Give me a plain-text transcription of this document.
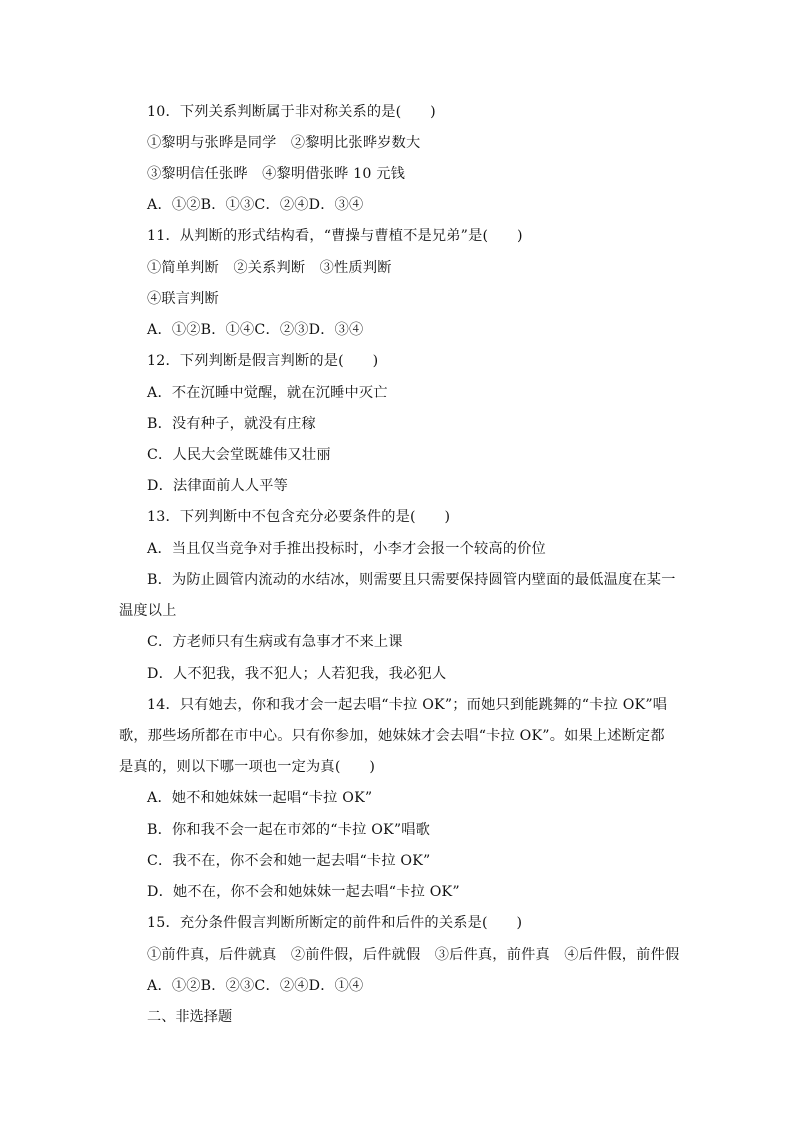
10．下列关系判断属于非对称关系的是(　　)
①黎明与张晔是同学　②黎明比张晔岁数大
③黎明信任张晔　④黎明借张晔 10 元钱
A．①②B．①③C．②④D．③④
11．从判断的形式结构看，“曹操与曹植不是兄弟”是(　　)
①简单判断　②关系判断　③性质判断
④联言判断
A．①②B．①④C．②③D．③④
12．下列判断是假言判断的是(　　)
A．不在沉睡中觉醒，就在沉睡中灭亡
B．没有种子，就没有庄稼
C．人民大会堂既雄伟又壮丽
D．法律面前人人平等
13．下列判断中不包含充分必要条件的是(　　)
A．当且仅当竞争对手推出投标时，小李才会报一个较高的价位
B．为防止圆管内流动的水结冰，则需要且只需要保持圆管内壁面的最低温度在某一温度以上
C．方老师只有生病或有急事才不来上课
D．人不犯我，我不犯人；人若犯我，我必犯人
14．只有她去，你和我才会一起去唱“卡拉 OK”；而她只到能跳舞的“卡拉 OK”唱歌，那些场所都在市中心。只有你参加，她妹妹才会去唱“卡拉 OK”。如果上述断定都是真的，则以下哪一项也一定为真(　　)
A．她不和她妹妹一起唱“卡拉 OK”
B．你和我不会一起在市郊的“卡拉 OK”唱歌
C．我不在，你不会和她一起去唱“卡拉 OK”
D．她不在，你不会和她妹妹一起去唱“卡拉 OK”
15．充分条件假言判断所断定的前件和后件的关系是(　　)
①前件真，后件就真　②前件假，后件就假　③后件真，前件真　④后件假，前件假
A．①②B．②③C．②④D．①④
二、非选择题
